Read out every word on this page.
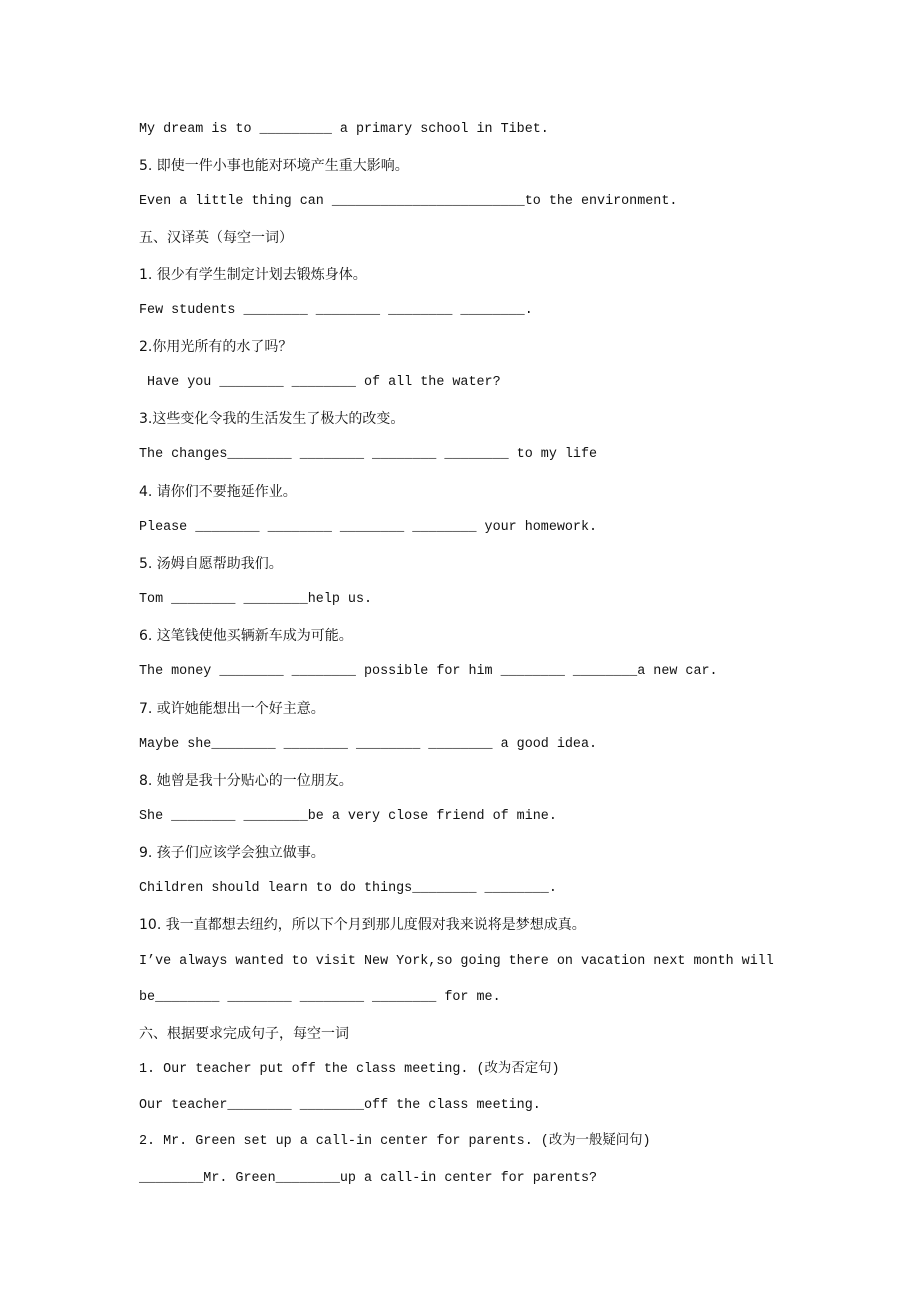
My dream is to _________ a primary school in Tibet.
5. 即使一件小事也能对环境产生重大影响。
Even a little thing can ________________________to the environment.
五、汉译英（每空一词）
1. 很少有学生制定计划去锻炼身体。
Few students ________ ________ ________ ________.
2.你用光所有的水了吗？
Have you ________ ________ of all the water?
3.这些变化令我的生活发生了极大的改变。
The changes________ ________ ________ ________ to my life
4. 请你们不要拖延作业。
Please ________ ________ ________ ________ your homework.
5. 汤姆自愿帮助我们。
Tom ________ ________help us.
6. 这笔钱使他买辆新车成为可能。
The money ________ ________ possible for him ________ ________a new car.
7. 或许她能想出一个好主意。
Maybe she________ ________ ________ ________ a good idea.
8. 她曾是我十分贴心的一位朋友。
She ________ ________be a very close friend of mine.
9. 孩子们应该学会独立做事。
Children should learn to do things________ ________.
10. 我一直都想去纽约，所以下个月到那儿度假对我来说将是梦想成真。
I’ve always wanted to visit New York,so going there on vacation next month will
be________ ________ ________ ________ for me.
六、根据要求完成句子，每空一词
1. Our teacher put off the class meeting. (改为否定句)
Our teacher________ ________off the class meeting.
2. Mr. Green set up a call-in center for parents. (改为一般疑问句)
________Mr. Green________up a call-in center for parents?
